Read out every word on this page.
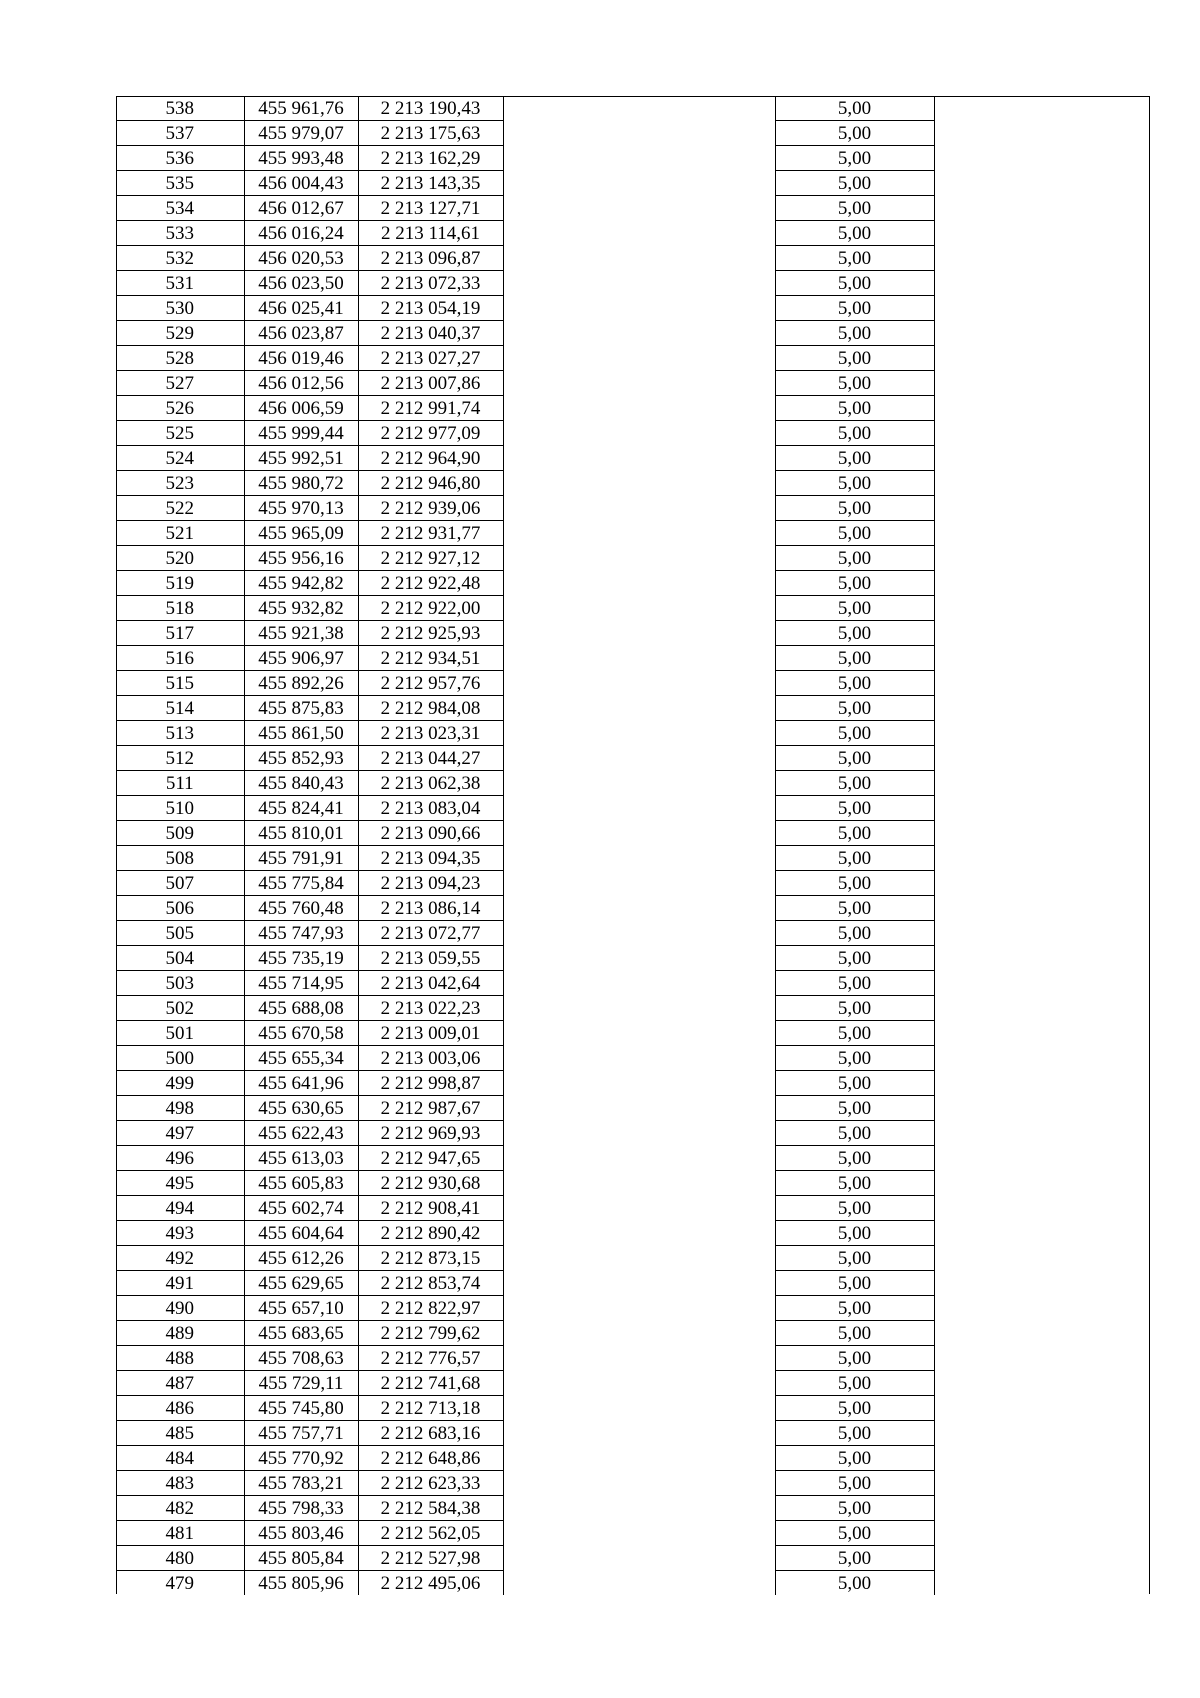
538	455 961,76	2 213 190,43		5,00	
537	455 979,07	2 213 175,63		5,00	
536	455 993,48	2 213 162,29		5,00	
535	456 004,43	2 213 143,35		5,00	
534	456 012,67	2 213 127,71		5,00	
533	456 016,24	2 213 114,61		5,00	
532	456 020,53	2 213 096,87		5,00	
531	456 023,50	2 213 072,33		5,00	
530	456 025,41	2 213 054,19		5,00	
529	456 023,87	2 213 040,37		5,00	
528	456 019,46	2 213 027,27		5,00	
527	456 012,56	2 213 007,86		5,00	
526	456 006,59	2 212 991,74		5,00	
525	455 999,44	2 212 977,09		5,00	
524	455 992,51	2 212 964,90		5,00	
523	455 980,72	2 212 946,80		5,00	
522	455 970,13	2 212 939,06		5,00	
521	455 965,09	2 212 931,77		5,00	
520	455 956,16	2 212 927,12		5,00	
519	455 942,82	2 212 922,48		5,00	
518	455 932,82	2 212 922,00		5,00	
517	455 921,38	2 212 925,93		5,00	
516	455 906,97	2 212 934,51		5,00	
515	455 892,26	2 212 957,76		5,00	
514	455 875,83	2 212 984,08		5,00	
513	455 861,50	2 213 023,31		5,00	
512	455 852,93	2 213 044,27		5,00	
511	455 840,43	2 213 062,38		5,00	
510	455 824,41	2 213 083,04		5,00	
509	455 810,01	2 213 090,66		5,00	
508	455 791,91	2 213 094,35		5,00	
507	455 775,84	2 213 094,23		5,00	
506	455 760,48	2 213 086,14		5,00	
505	455 747,93	2 213 072,77		5,00	
504	455 735,19	2 213 059,55		5,00	
503	455 714,95	2 213 042,64		5,00	
502	455 688,08	2 213 022,23		5,00	
501	455 670,58	2 213 009,01		5,00	
500	455 655,34	2 213 003,06		5,00	
499	455 641,96	2 212 998,87		5,00	
498	455 630,65	2 212 987,67		5,00	
497	455 622,43	2 212 969,93		5,00	
496	455 613,03	2 212 947,65		5,00	
495	455 605,83	2 212 930,68		5,00	
494	455 602,74	2 212 908,41		5,00	
493	455 604,64	2 212 890,42		5,00	
492	455 612,26	2 212 873,15		5,00	
491	455 629,65	2 212 853,74		5,00	
490	455 657,10	2 212 822,97		5,00	
489	455 683,65	2 212 799,62		5,00	
488	455 708,63	2 212 776,57		5,00	
487	455 729,11	2 212 741,68		5,00	
486	455 745,80	2 212 713,18		5,00	
485	455 757,71	2 212 683,16		5,00	
484	455 770,92	2 212 648,86		5,00	
483	455 783,21	2 212 623,33		5,00	
482	455 798,33	2 212 584,38		5,00	
481	455 803,46	2 212 562,05		5,00	
480	455 805,84	2 212 527,98		5,00	
479	455 805,96	2 212 495,06		5,00	
